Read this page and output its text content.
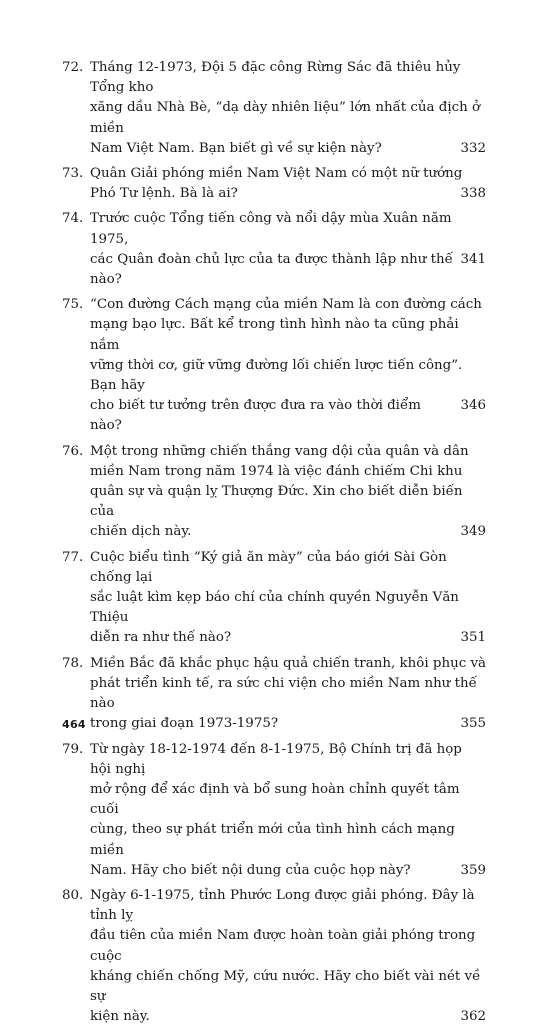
72. Tháng 12-1973, Đội 5 đặc công Rừng Sác đã thiêu hủy Tổng kho
xăng dầu Nhà Bè, “dạ dày nhiên liệu” lớn nhất của địch ở miền
332
Nam Việt Nam. Bạn biết gì về sự kiện này?
73. Quân Giải phóng miền Nam Việt Nam có một nữ tướng
338
Phó Tư lệnh. Bà là ai?
74. Trước cuộc Tổng tiến công và nổi dậy mùa Xuân năm 1975,
341
các Quân đoàn chủ lực của ta được thành lập như thế nào?
75. “Con đường Cách mạng của miền Nam là con đường cách
mạng bạo lực. Bất kể trong tình hình nào ta cũng phải nắm
vững thời cơ, giữ vững đường lối chiến lược tiến công”. Bạn hãy
346
cho biết tư tưởng trên được đưa ra vào thời điểm nào?
76. Một trong những chiến thắng vang dội của quân và dân
miền Nam trong năm 1974 là việc đánh chiếm Chi khu
quân sự và quận lỵ Thượng Đức. Xin cho biết diễn biến của
349
chiến dịch này.
77. Cuộc biểu tình “Ký giả ăn mày” của báo giới Sài Gòn chống lại
sắc luật kìm kẹp báo chí của chính quyền Nguyễn Văn Thiệu
351
diễn ra như thế nào?
78. Miền Bắc đã khắc phục hậu quả chiến tranh, khôi phục và
phát triển kinh tế, ra sức chi viện cho miền Nam như thế nào
355
trong giai đoạn 1973-1975?
79. Từ ngày 18-12-1974 đến 8-1-1975, Bộ Chính trị đã họp hội nghị
mở rộng để xác định và bổ sung hoàn chỉnh quyết tâm cuối
cùng, theo sự phát triển mới của tình hình cách mạng miền
359
Nam. Hãy cho biết nội dung của cuộc họp này?
80. Ngày 6-1-1975, tỉnh Phước Long được giải phóng. Đây là tỉnh lỵ
đầu tiên của miền Nam được hoàn toàn giải phóng trong cuộc
kháng chiến chống Mỹ, cứu nước. Hãy cho biết vài nét về sự
362
kiện này.
464
